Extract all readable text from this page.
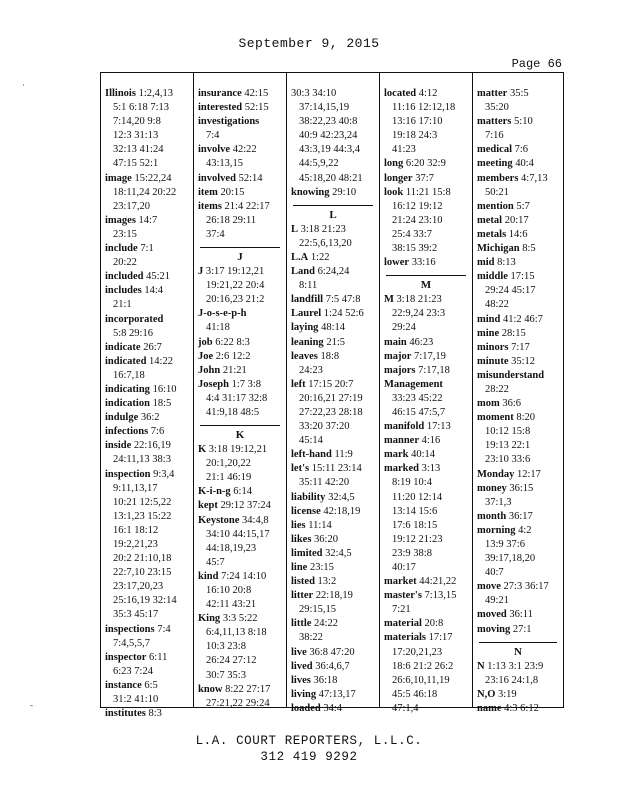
September 9, 2015
Page 66
·
-
Illinois 1:2,4,13
5:1 6:18 7:13
7:14,20 9:8
12:3 31:13
32:13 41:24
47:15 52:1
image 15:22,24
18:11,24 20:22
23:17,20
images 14:7
23:15
include 7:1
20:22
included 45:21
includes 14:4
21:1
incorporated
5:8 29:16
indicate 26:7
indicated 14:22
16:7,18
indicating 16:10
indication 18:5
indulge 36:2
infections 7:6
inside 22:16,19
24:11,13 38:3
inspection 9:3,4
9:11,13,17
10:21 12:5,22
13:1,23 15:22
16:1 18:12
19:2,21,23
20:2 21:10,18
22:7,10 23:15
23:17,20,23
25:16,19 32:14
35:3 45:17
inspections 7:4
7:4,5,5,7
inspector 6:11
6:23 7:24
instance 6:5
31:2 41:10
institutes 8:3
insurance 42:15
interested 52:15
investigations
7:4
involve 42:22
43:13,15
involved 52:14
item 20:15
items 21:4 22:17
26:18 29:11
37:4
J
J 3:17 19:12,21
19:21,22 20:4
20:16,23 21:2
J-o-s-e-p-h
41:18
job 6:22 8:3
Joe 2:6 12:2
John 21:21
Joseph 1:7 3:8
4:4 31:17 32:8
41:9,18 48:5
K
K 3:18 19:12,21
20:1,20,22
21:1 46:19
K-i-n-g 6:14
kept 29:12 37:24
Keystone 34:4,8
34:10 44:15,17
44:18,19,23
45:7
kind 7:24 14:10
16:10 20:8
42:11 43:21
King 3:3 5:22
6:4,11,13 8:18
10:3 23:8
26:24 27:12
30:7 35:3
know 8:22 27:17
27:21,22 29:24
30:3 34:10
37:14,15,19
38:22,23 40:8
40:9 42:23,24
43:3,19 44:3,4
44:5,9,22
45:18,20 48:21
knowing 29:10
L
L 3:18 21:23
22:5,6,13,20
L.A 1:22
Land 6:24,24
8:11
landfill 7:5 47:8
Laurel 1:24 52:6
laying 48:14
leaning 21:5
leaves 18:8
24:23
left 17:15 20:7
20:16,21 27:19
27:22,23 28:18
33:20 37:20
45:14
left-hand 11:9
let's 15:11 23:14
35:11 42:20
liability 32:4,5
license 42:18,19
lies 11:14
likes 36:20
limited 32:4,5
line 23:15
listed 13:2
litter 22:18,19
29:15,15
little 24:22
38:22
live 36:8 47:20
lived 36:4,6,7
lives 36:18
living 47:13,17
loaded 34:4
located 4:12
11:16 12:12,18
13:16 17:10
19:18 24:3
41:23
long 6:20 32:9
longer 37:7
look 11:21 15:8
16:12 19:12
21:24 23:10
25:4 33:7
38:15 39:2
lower 33:16
M
M 3:18 21:23
22:9,24 23:3
29:24
main 46:23
major 7:17,19
majors 7:17,18
Management
33:23 45:22
46:15 47:5,7
manifold 17:13
manner 4:16
mark 40:14
marked 3:13
8:19 10:4
11:20 12:14
13:14 15:6
17:6 18:15
19:12 21:23
23:9 38:8
40:17
market 44:21,22
master's 7:13,15
7:21
material 20:8
materials 17:17
17:20,21,23
18:6 21:2 26:2
26:6,10,11,19
45:5 46:18
47:1,4
matter 35:5
35:20
matters 5:10
7:16
medical 7:6
meeting 40:4
members 4:7,13
50:21
mention 5:7
metal 20:17
metals 14:6
Michigan 8:5
mid 8:13
middle 17:15
29:24 45:17
48:22
mind 41:2 46:7
mine 28:15
minors 7:17
minute 35:12
misunderstand
28:22
mom 36:6
moment 8:20
10:12 15:8
19:13 22:1
23:10 33:6
Monday 12:17
money 36:15
37:1,3
month 36:17
morning 4:2
13:9 37:6
39:17,18,20
40:7
move 27:3 36:17
49:21
moved 36:11
moving 27:1
N
N 1:13 3:1 23:9
23:16 24:1,8
N,O 3:19
name 4:3 6:12
L.A. COURT REPORTERS, L.L.C.
312 419 9292
